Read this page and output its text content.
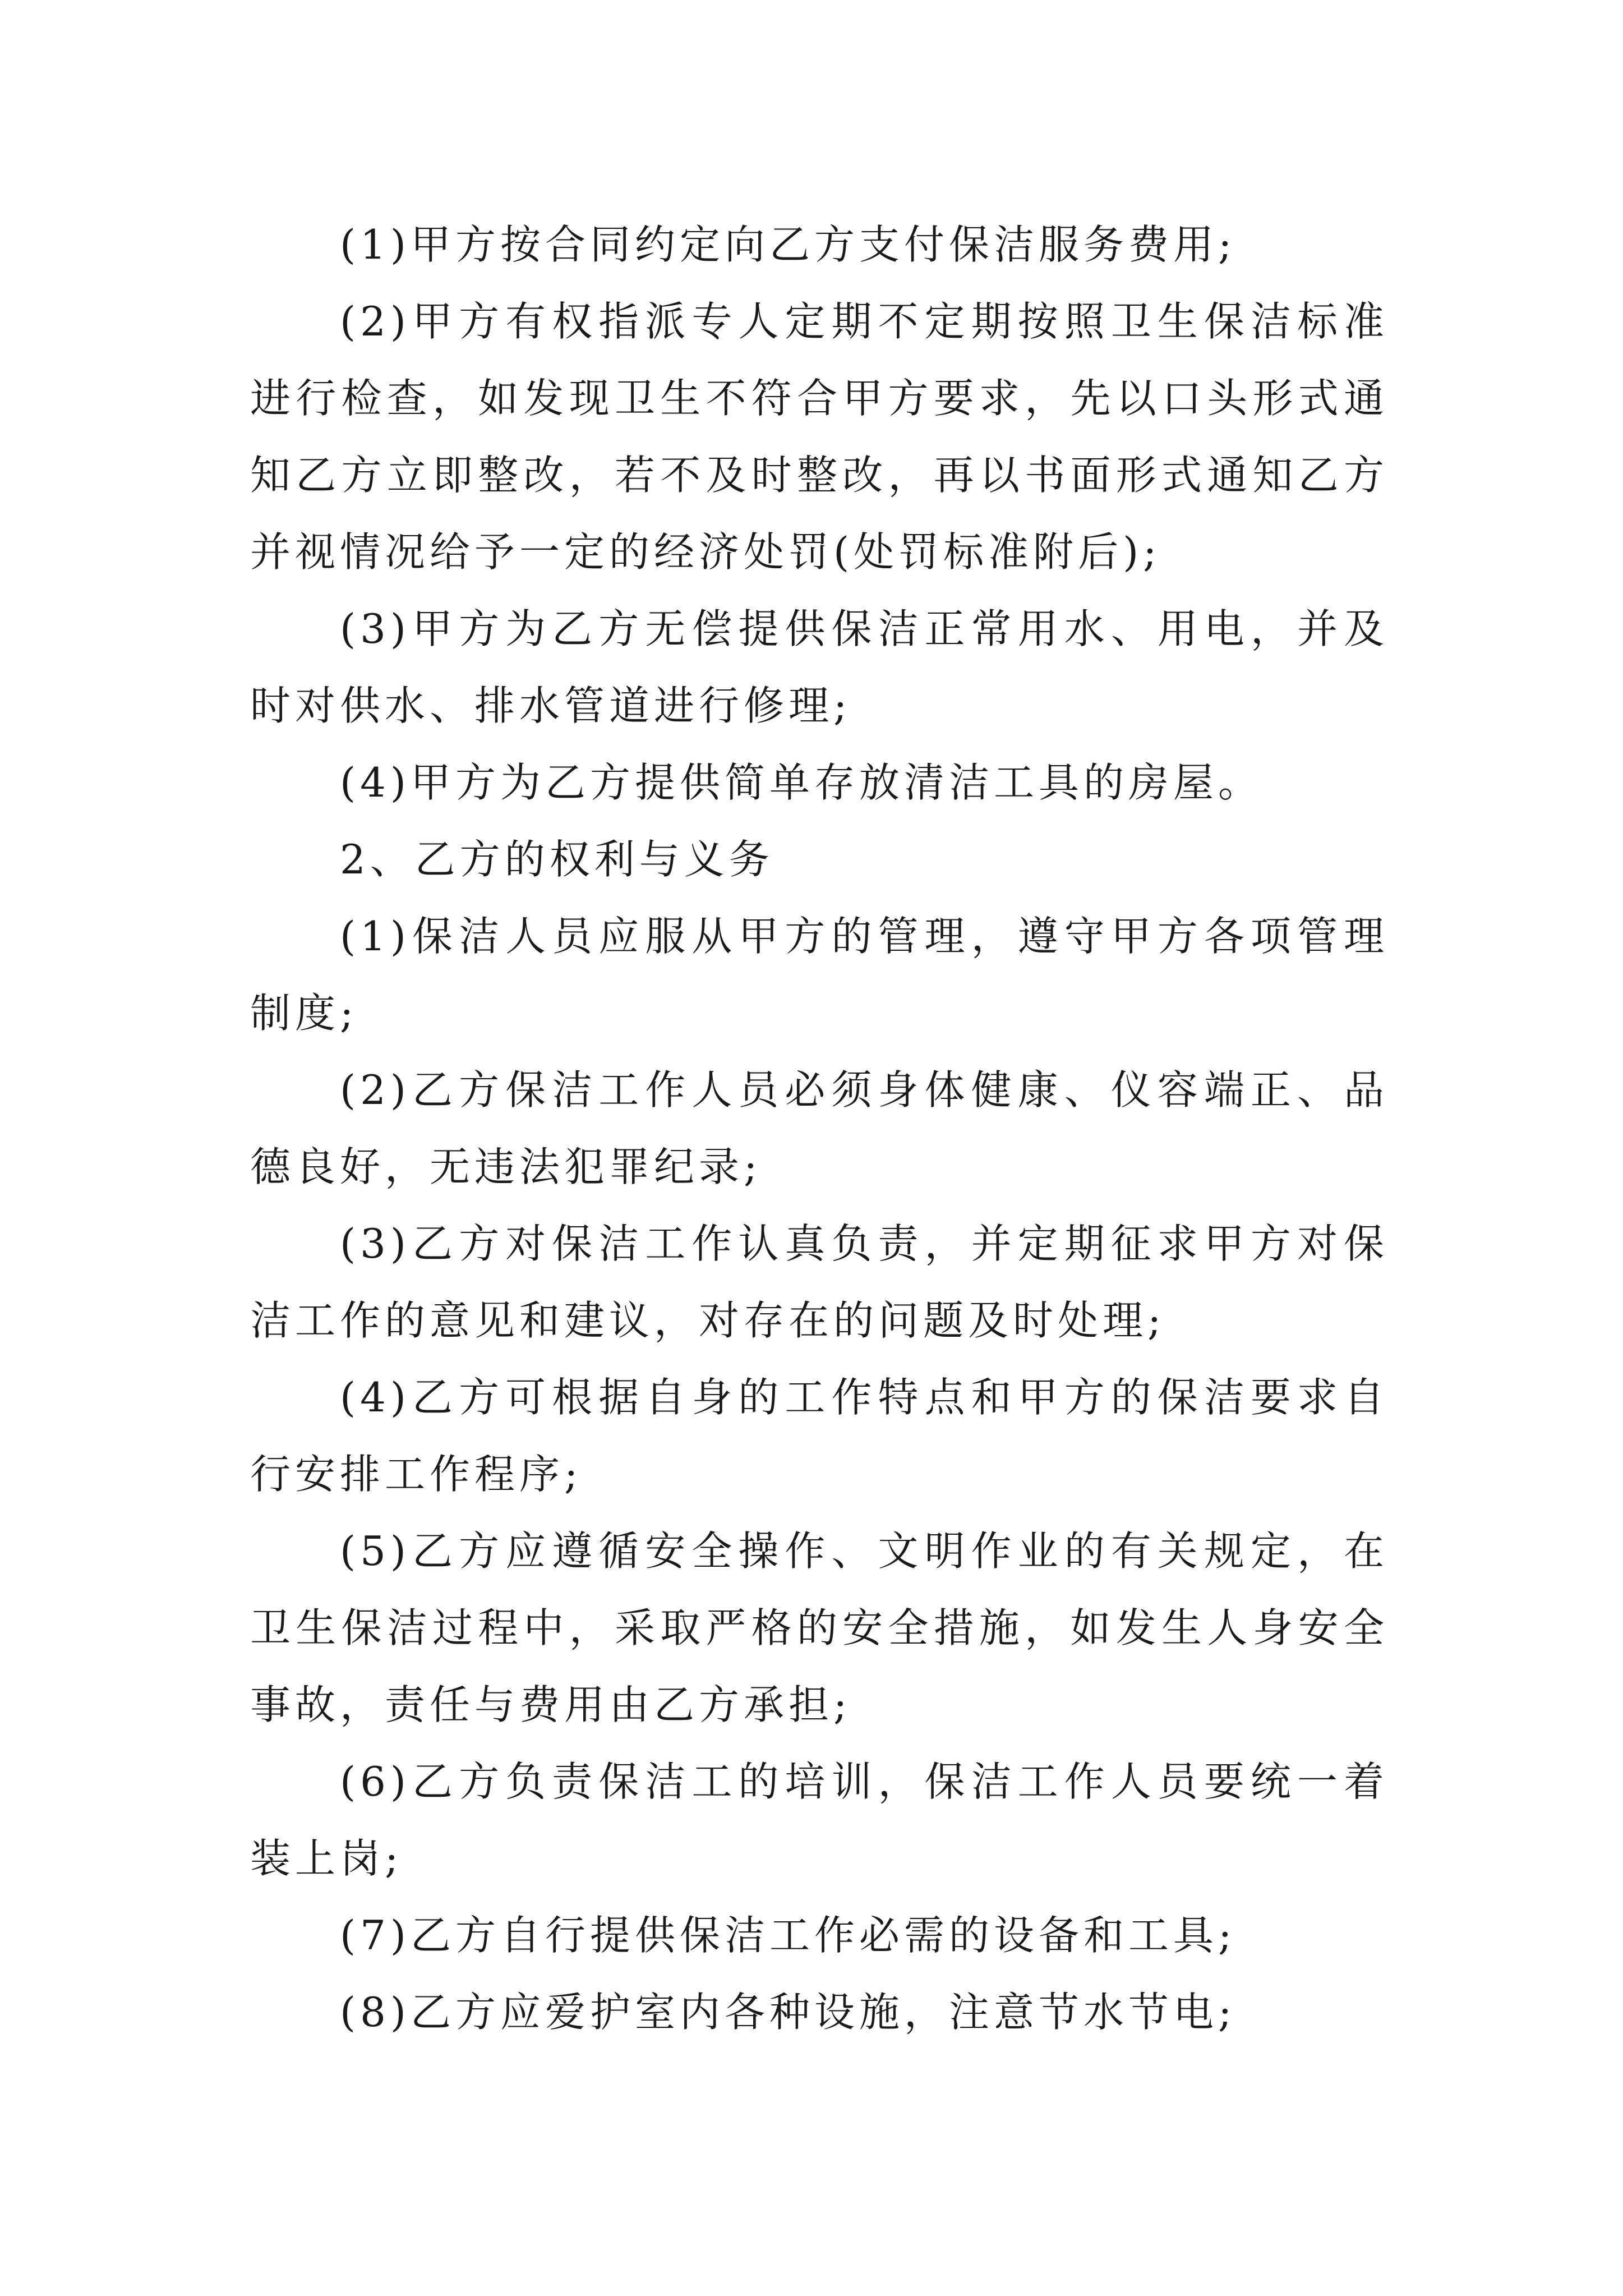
(1)甲方按合同约定向乙方支付保洁服务费用;

(2)甲方有权指派专人定期不定期按照卫生保洁标准进行检查，如发现卫生不符合甲方要求，先以口头形式通知乙方立即整改，若不及时整改，再以书面形式通知乙方并视情况给予一定的经济处罚(处罚标准附后);

(3)甲方为乙方无偿提供保洁正常用水、用电，并及时对供水、排水管道进行修理;

(4)甲方为乙方提供简单存放清洁工具的房屋。

2、乙方的权利与义务

(1)保洁人员应服从甲方的管理，遵守甲方各项管理制度;

(2)乙方保洁工作人员必须身体健康、仪容端正、品德良好，无违法犯罪纪录;

(3)乙方对保洁工作认真负责，并定期征求甲方对保洁工作的意见和建议，对存在的问题及时处理;

(4)乙方可根据自身的工作特点和甲方的保洁要求自行安排工作程序;

(5)乙方应遵循安全操作、文明作业的有关规定，在卫生保洁过程中，采取严格的安全措施，如发生人身安全事故，责任与费用由乙方承担;

(6)乙方负责保洁工的培训，保洁工作人员要统一着装上岗;

(7)乙方自行提供保洁工作必需的设备和工具;

(8)乙方应爱护室内各种设施，注意节水节电;
